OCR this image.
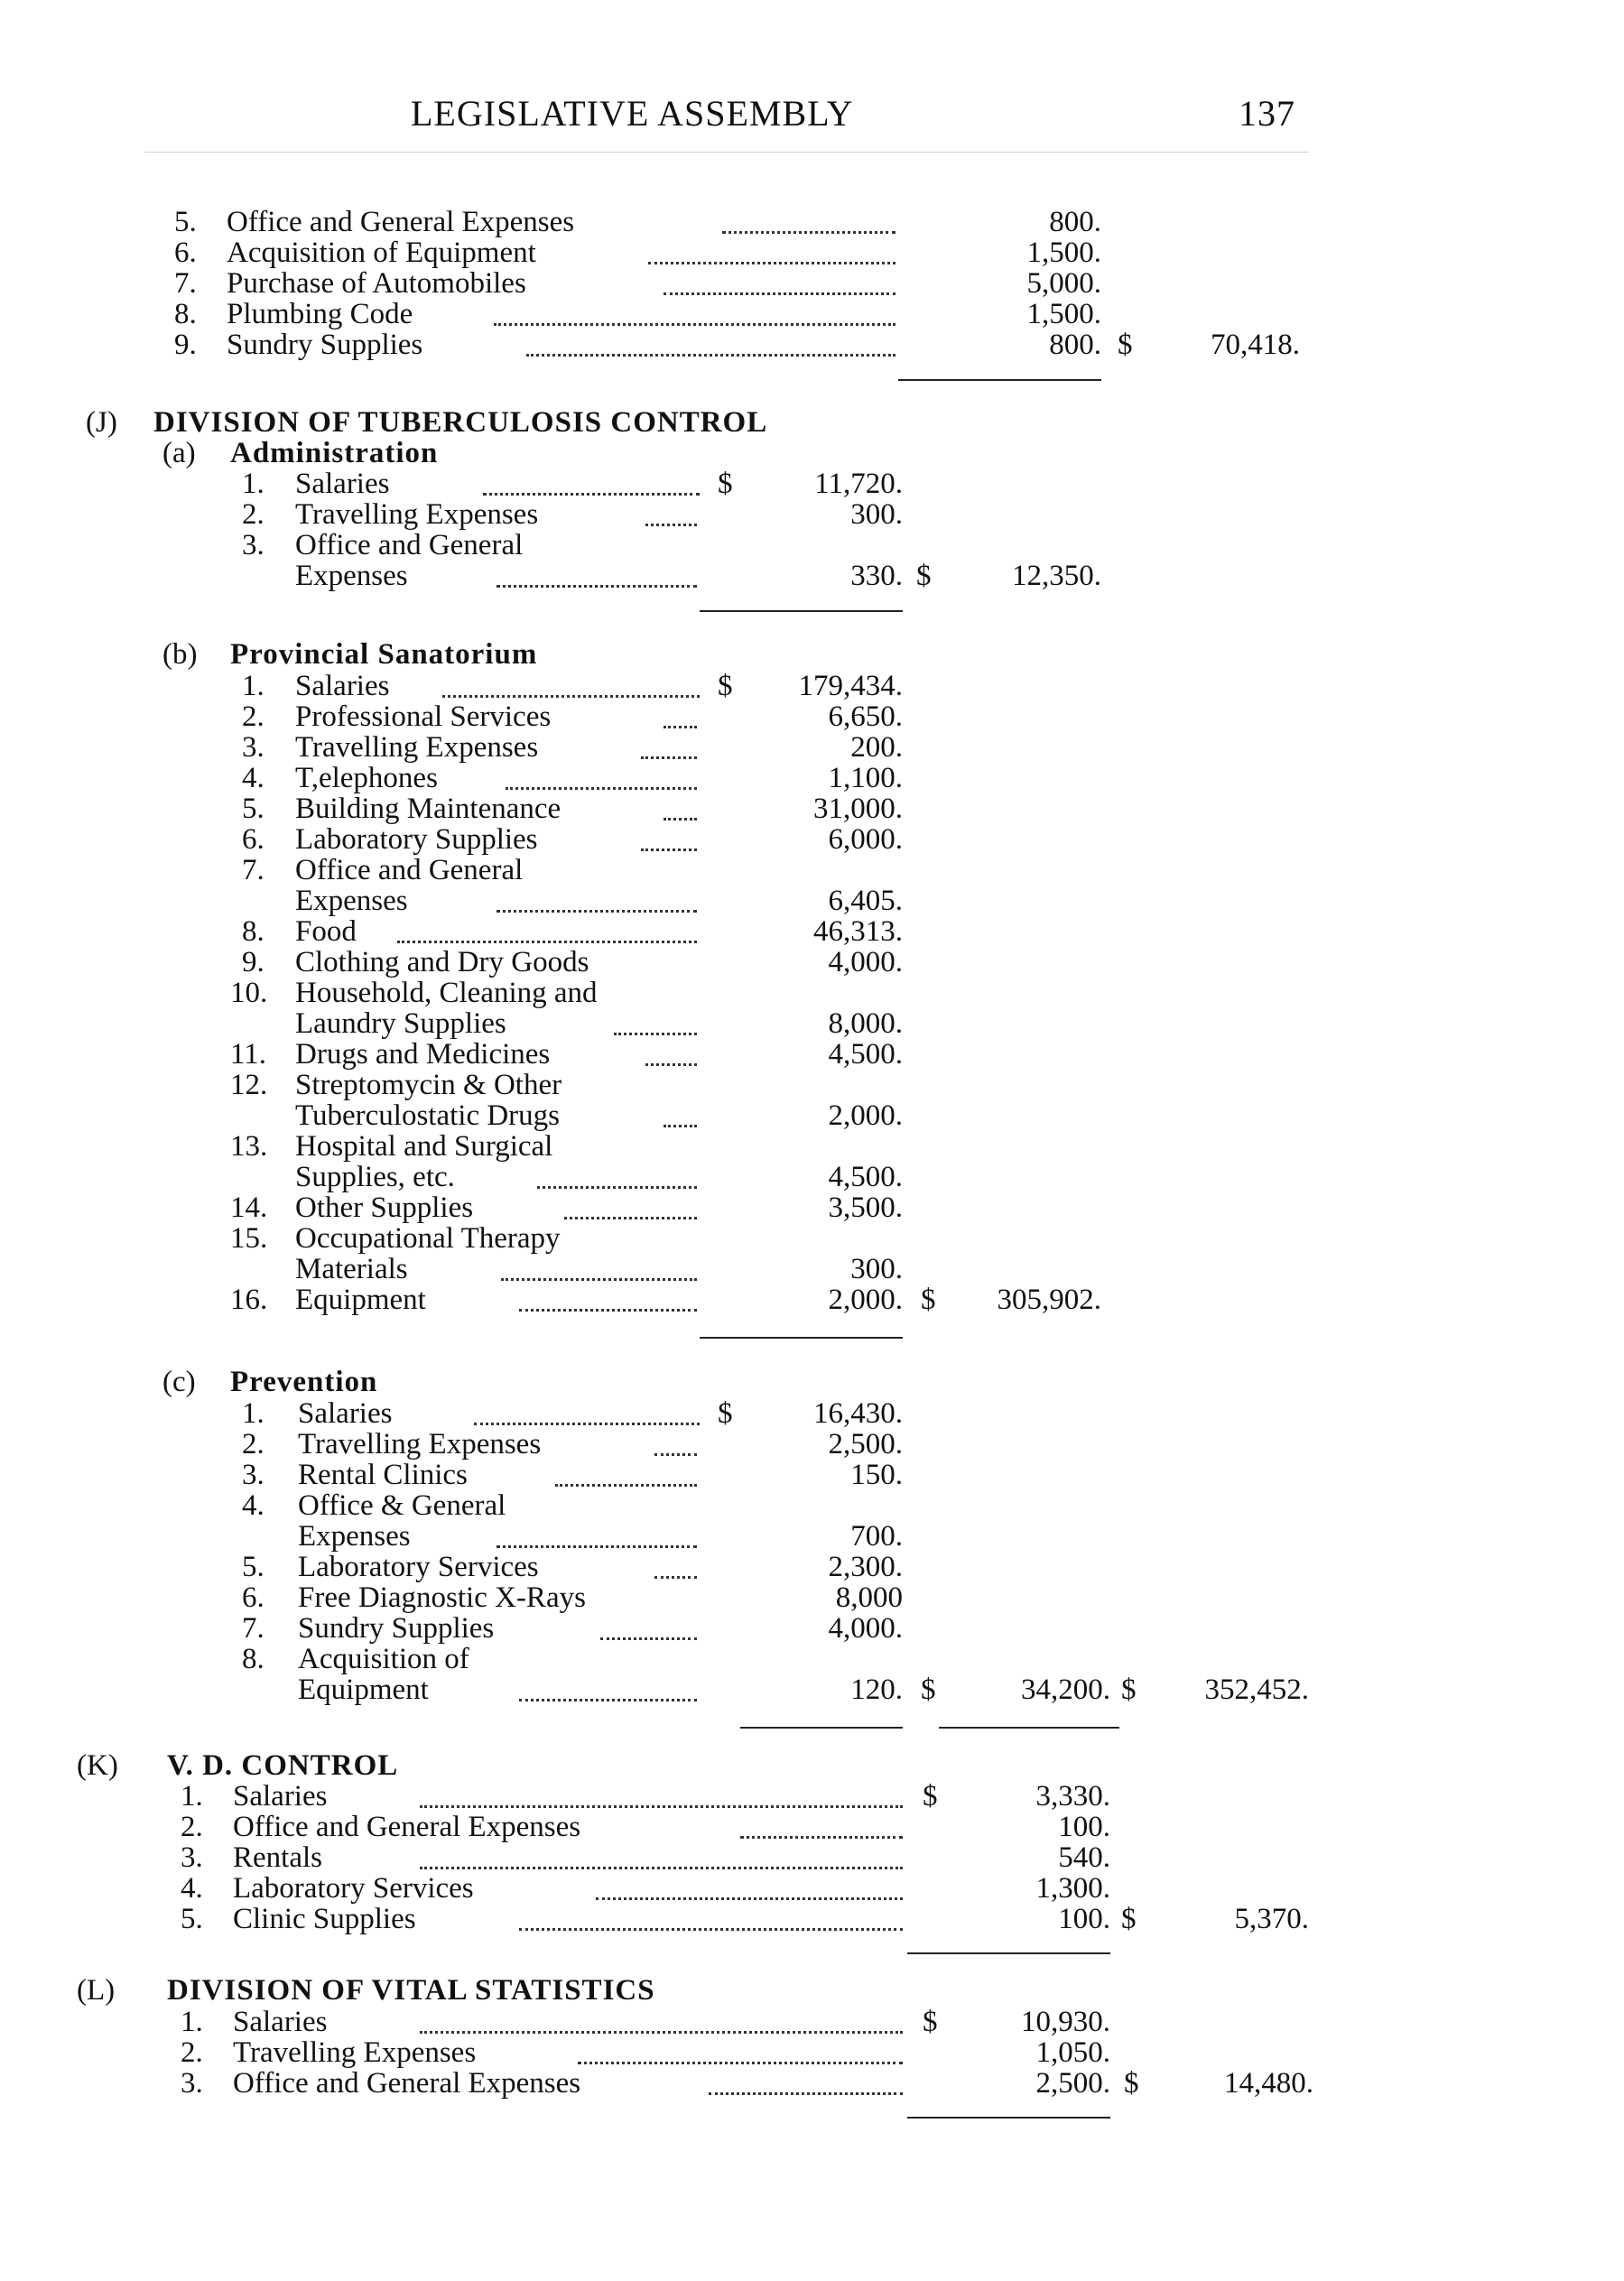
LEGISLATIVE ASSEMBLY	137
5. Office and General Expenses	800.
6. Acquisition of Equipment	1,500.
7. Purchase of Automobiles	5,000.
8. Plumbing Code	1,500.
9. Sundry Supplies	800. $	70,418.
(J) DIVISION OF TUBERCULOSIS CONTROL
(a) Administration
1. Salaries	$	11,720.
2. Travelling Expenses	300.
3. Office and General
Expenses	330. $	12,350.
(b) Provincial Sanatorium
1. Salaries	$	179,434.
2. Professional Services	6,650.
3. Travelling Expenses	200.
4. T,elephones	1,100.
5. Building Maintenance	31,000.
6. Laboratory Supplies	6,000.
7. Office and General
Expenses	6,405.
8. Food	46,313.
9. Clothing and Dry Goods	4,000.
10. Household, Cleaning and
Laundry Supplies	8,000.
11. Drugs and Medicines	4,500.
12. Streptomycin & Other
Tuberculostatic Drugs	2,000.
13. Hospital and Surgical
Supplies, etc.	4,500.
14. Other Supplies	3,500.
15. Occupational Therapy
Materials	300.
16. Equipment	2,000. $	305,902.
(c) Prevention
1. Salaries	$	16,430.
2. Travelling Expenses	2,500.
3. Rental Clinics	150.
4. Office & General
Expenses	700.
5. Laboratory Services	2,300.
6. Free Diagnostic X-Rays	8,000
7. Sundry Supplies	4,000.
8. Acquisition of
Equipment	120. $	34,200. $	352,452.
(K) V. D. CONTROL
1. Salaries	$	3,330.
2. Office and General Expenses	100.
3. Rentals	540.
4. Laboratory Services	1,300.
5. Clinic Supplies	100. $	5,370.
(L) DIVISION OF VITAL STATISTICS
1. Salaries	$	10,930.
2. Travelling Expenses	1,050.
3. Office and General Expenses	2,500. $	14,480.
